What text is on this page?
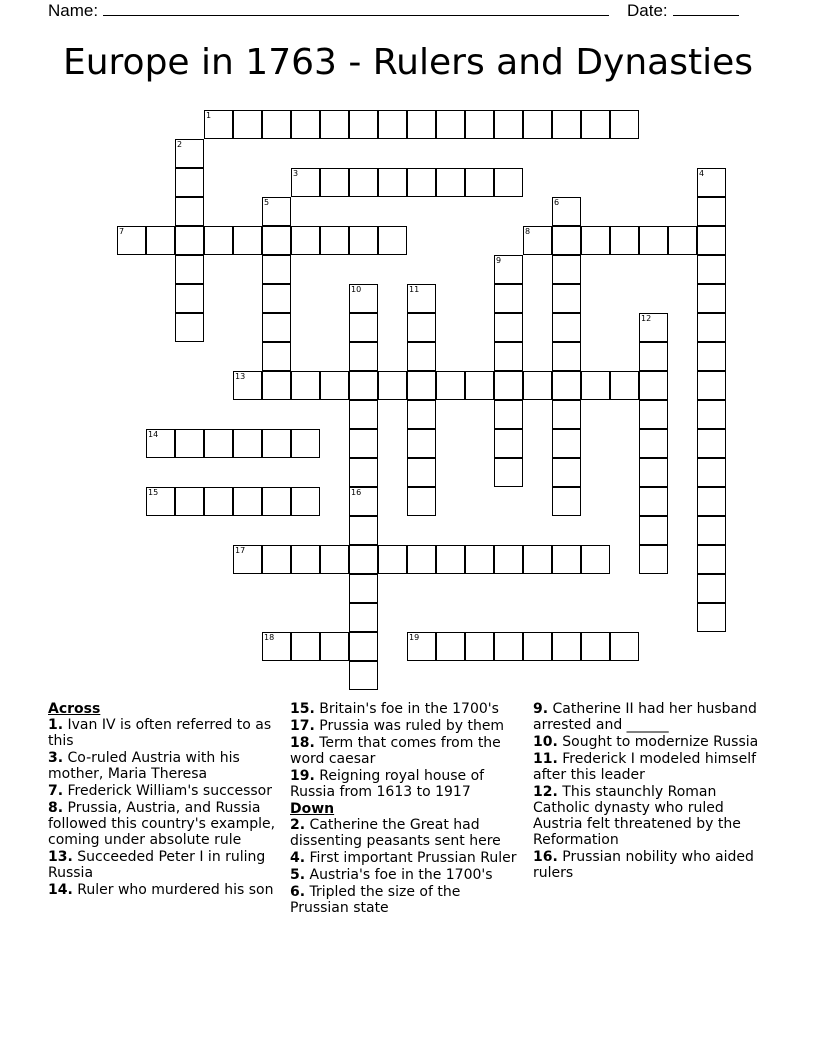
Name:	Date:
Europe in 1763 - Rulers and Dynasties
1
2
3	4
5	6
7	8
9
10	11
12
13
14
15	16
17
18	19
Across
1. Ivan IV is often referred to as this
3. Co-ruled Austria with his mother, Maria Theresa
7. Frederick William's successor
8. Prussia, Austria, and Russia followed this country's example, coming under absolute rule
13. Succeeded Peter I in ruling Russia
14. Ruler who murdered his son
15. Britain's foe in the 1700's
17. Prussia was ruled by them
18. Term that comes from the word caesar
19. Reigning royal house of Russia from 1613 to 1917
Down
2. Catherine the Great had dissenting peasants sent here
4. First important Prussian Ruler
5. Austria's foe in the 1700's
6. Tripled the size of the Prussian state
9. Catherine II had her husband arrested and ______
10. Sought to modernize Russia
11. Frederick I modeled himself after this leader
12. This staunchly Roman Catholic dynasty who ruled Austria felt threatened by the Reformation
16. Prussian nobility who aided rulers
